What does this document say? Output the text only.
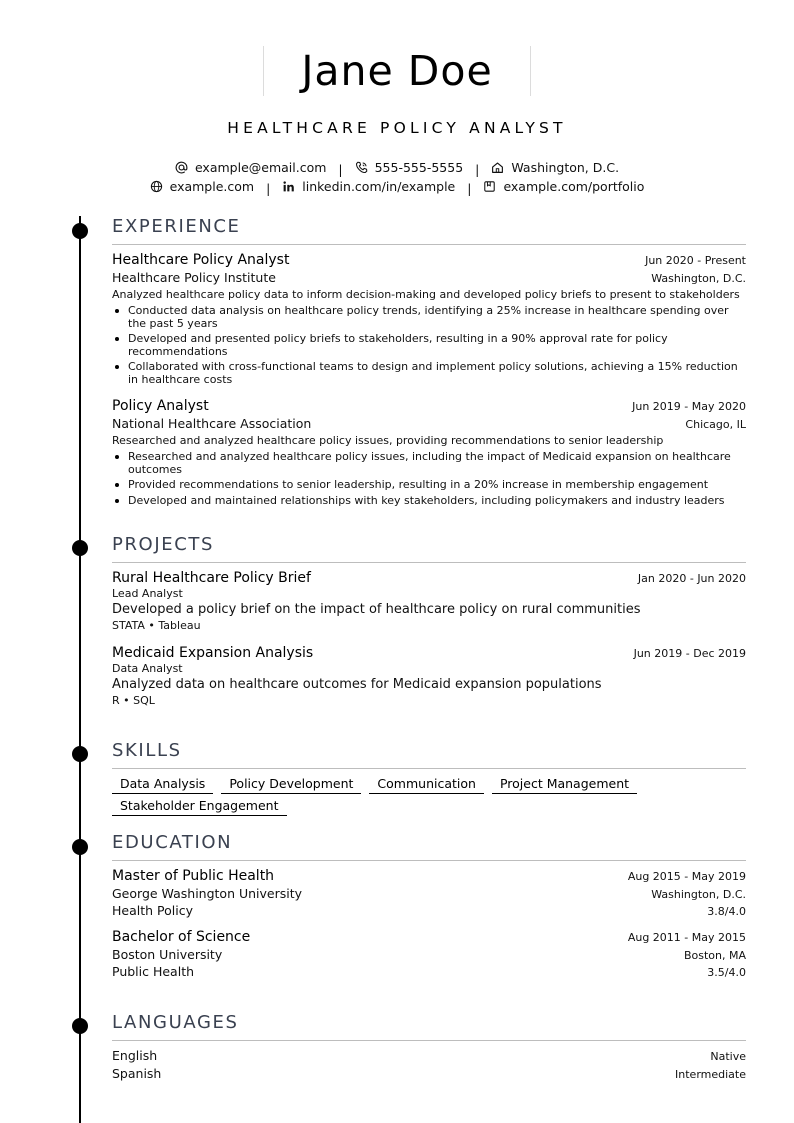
Jane Doe
HEALTHCARE POLICY ANALYST
example@email.com |	555-555-5555 |	Washington, D.C.
example.com |	linkedin.com/in/example |	example.com/portfolio
EXPERIENCE
Healthcare Policy Analyst	Jun 2020 - Present
Healthcare Policy Institute	Washington, D.C.
Analyzed healthcare policy data to inform decision-making and developed policy briefs to present to stakeholders
Conducted data analysis on healthcare policy trends, identifying a 25% increase in healthcare spending over the past 5 years
Developed and presented policy briefs to stakeholders, resulting in a 90% approval rate for policy recommendations
Collaborated with cross-functional teams to design and implement policy solutions, achieving a 15% reduction in healthcare costs
Policy Analyst	Jun 2019 - May 2020
National Healthcare Association	Chicago, IL
Researched and analyzed healthcare policy issues, providing recommendations to senior leadership
Researched and analyzed healthcare policy issues, including the impact of Medicaid expansion on healthcare outcomes
Provided recommendations to senior leadership, resulting in a 20% increase in membership engagement
Developed and maintained relationships with key stakeholders, including policymakers and industry leaders
PROJECTS
Rural Healthcare Policy Brief	Jan 2020 - Jun 2020
Lead Analyst
Developed a policy brief on the impact of healthcare policy on rural communities
STATA • Tableau
Medicaid Expansion Analysis	Jun 2019 - Dec 2019
Data Analyst
Analyzed data on healthcare outcomes for Medicaid expansion populations
R • SQL
SKILLS
Data Analysis	Policy Development	Communication	Project Management
Stakeholder Engagement
EDUCATION
Master of Public Health	Aug 2015 - May 2019
George Washington University	Washington, D.C.
Health Policy	3.8/4.0
Bachelor of Science	Aug 2011 - May 2015
Boston University	Boston, MA
Public Health	3.5/4.0
LANGUAGES
English	Native
Spanish	Intermediate
